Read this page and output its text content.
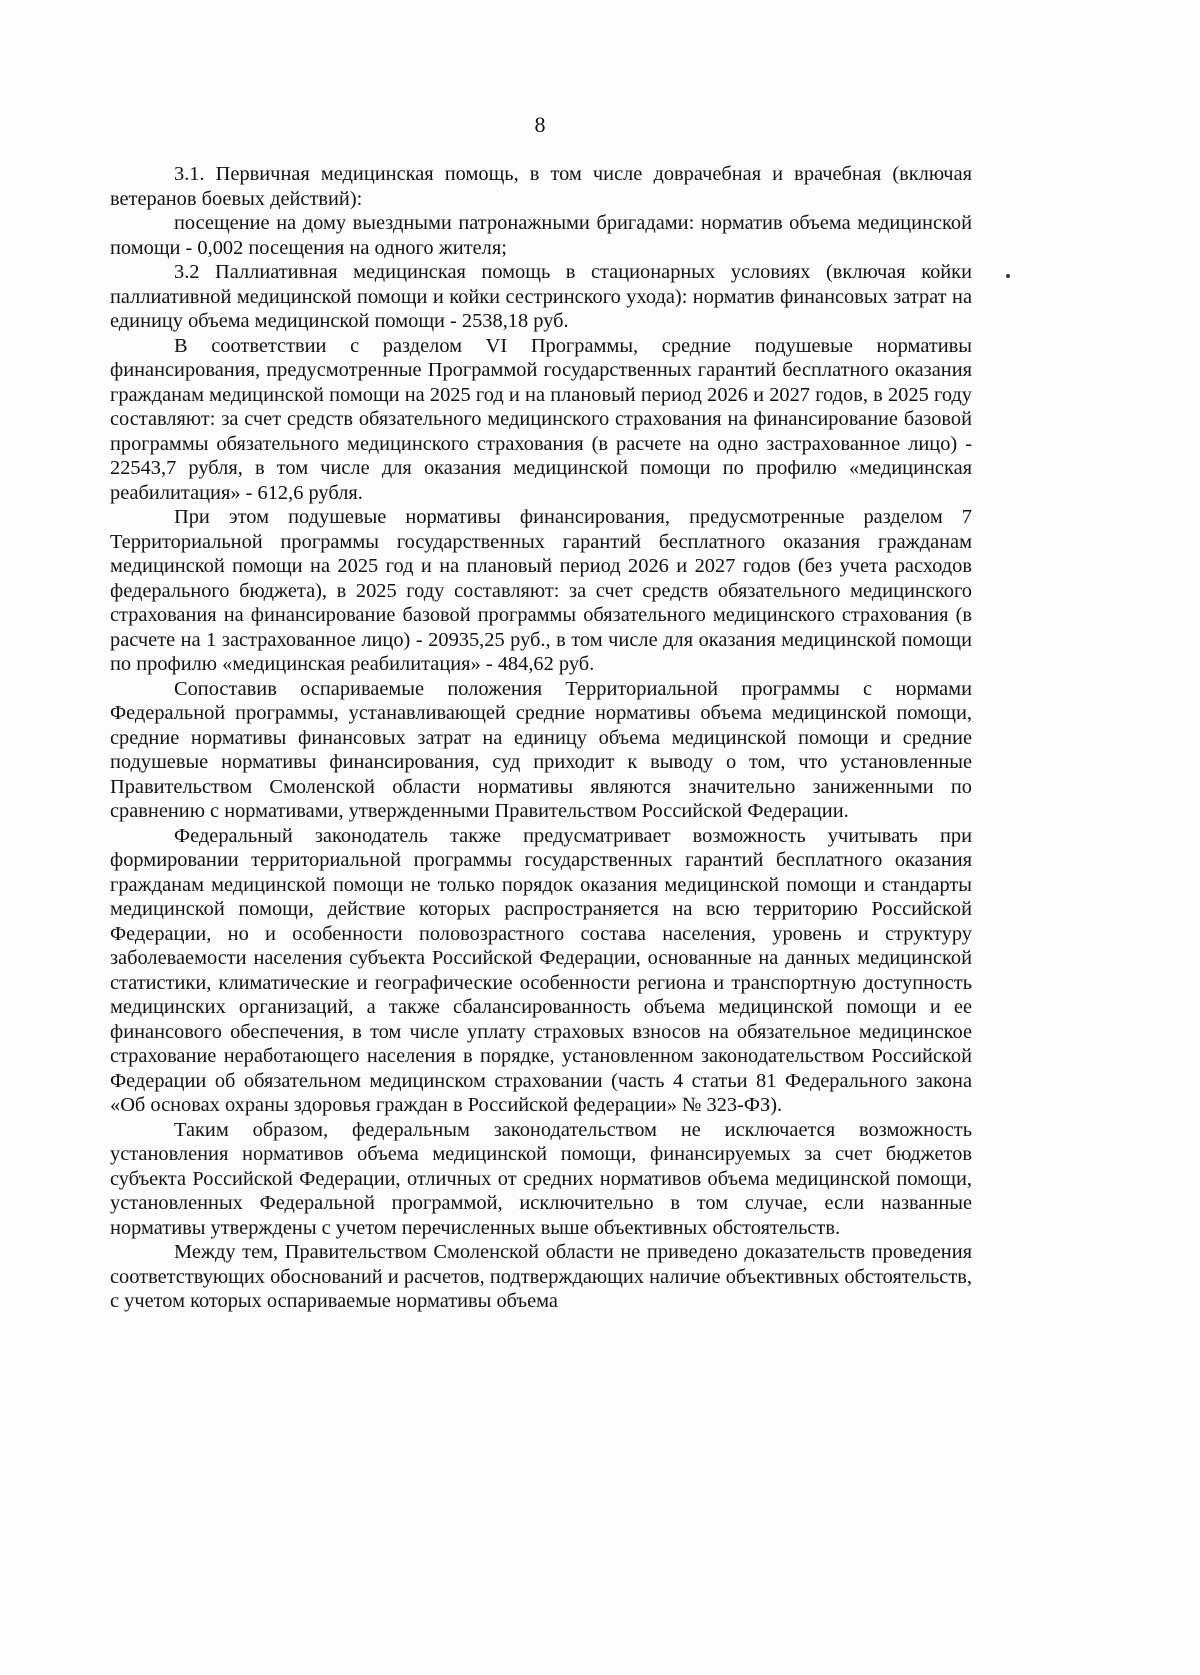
8

3.1. Первичная медицинская помощь, в том числе доврачебная и врачебная (включая ветеранов боевых действий):

посещение на дому выездными патронажными бригадами: норматив объема медицинской помощи - 0,002 посещения на одного жителя;

3.2 Паллиативная медицинская помощь в стационарных условиях (включая койки паллиативной медицинской помощи и койки сестринского ухода): норматив финансовых затрат на единицу объема медицинской помощи - 2538,18 руб.

В соответствии с разделом VI Программы, средние подушевые нормативы финансирования, предусмотренные Программой государственных гарантий бесплатного оказания гражданам медицинской помощи на 2025 год и на плановый период 2026 и 2027 годов, в 2025 году составляют: за счет средств обязательного медицинского страхования на финансирование базовой программы обязательного медицинского страхования (в расчете на одно застрахованное лицо) - 22543,7 рубля, в том числе для оказания медицинской помощи по профилю «медицинская реабилитация» - 612,6 рубля.

При этом подушевые нормативы финансирования, предусмотренные разделом 7 Территориальной программы государственных гарантий бесплатного оказания гражданам медицинской помощи на 2025 год и на плановый период 2026 и 2027 годов (без учета расходов федерального бюджета), в 2025 году составляют: за счет средств обязательного медицинского страхования на финансирование базовой программы обязательного медицинского страхования (в расчете на 1 застрахованное лицо) - 20935,25 руб., в том числе для оказания медицинской помощи по профилю «медицинская реабилитация» - 484,62 руб.

Сопоставив оспариваемые положения Территориальной программы с нормами Федеральной программы, устанавливающей средние нормативы объема медицинской помощи, средние нормативы финансовых затрат на единицу объема медицинской помощи и средние подушевые нормативы финансирования, суд приходит к выводу о том, что установленные Правительством Смоленской области нормативы являются значительно заниженными по сравнению с нормативами, утвержденными Правительством Российской Федерации.

Федеральный законодатель также предусматривает возможность учитывать при формировании территориальной программы государственных гарантий бесплатного оказания гражданам медицинской помощи не только порядок оказания медицинской помощи и стандарты медицинской помощи, действие которых распространяется на всю территорию Российской Федерации, но и особенности половозрастного состава населения, уровень и структуру заболеваемости населения субъекта Российской Федерации, основанные на данных медицинской статистики, климатические и географические особенности региона и транспортную доступность медицинских организаций, а также сбалансированность объема медицинской помощи и ее финансового обеспечения, в том числе уплату страховых взносов на обязательное медицинское страхование неработающего населения в порядке, установленном законодательством Российской Федерации об обязательном медицинском страховании (часть 4 статьи 81 Федерального закона «Об основах охраны здоровья граждан в Российской федерации» № 323-ФЗ).

Таким образом, федеральным законодательством не исключается возможность установления нормативов объема медицинской помощи, финансируемых за счет бюджетов субъекта Российской Федерации, отличных от средних нормативов объема медицинской помощи, установленных Федеральной программой, исключительно в том случае, если названные нормативы утверждены с учетом перечисленных выше объективных обстоятельств.

Между тем, Правительством Смоленской области не приведено доказательств проведения соответствующих обоснований и расчетов, подтверждающих наличие объективных обстоятельств, с учетом которых оспариваемые нормативы объема
